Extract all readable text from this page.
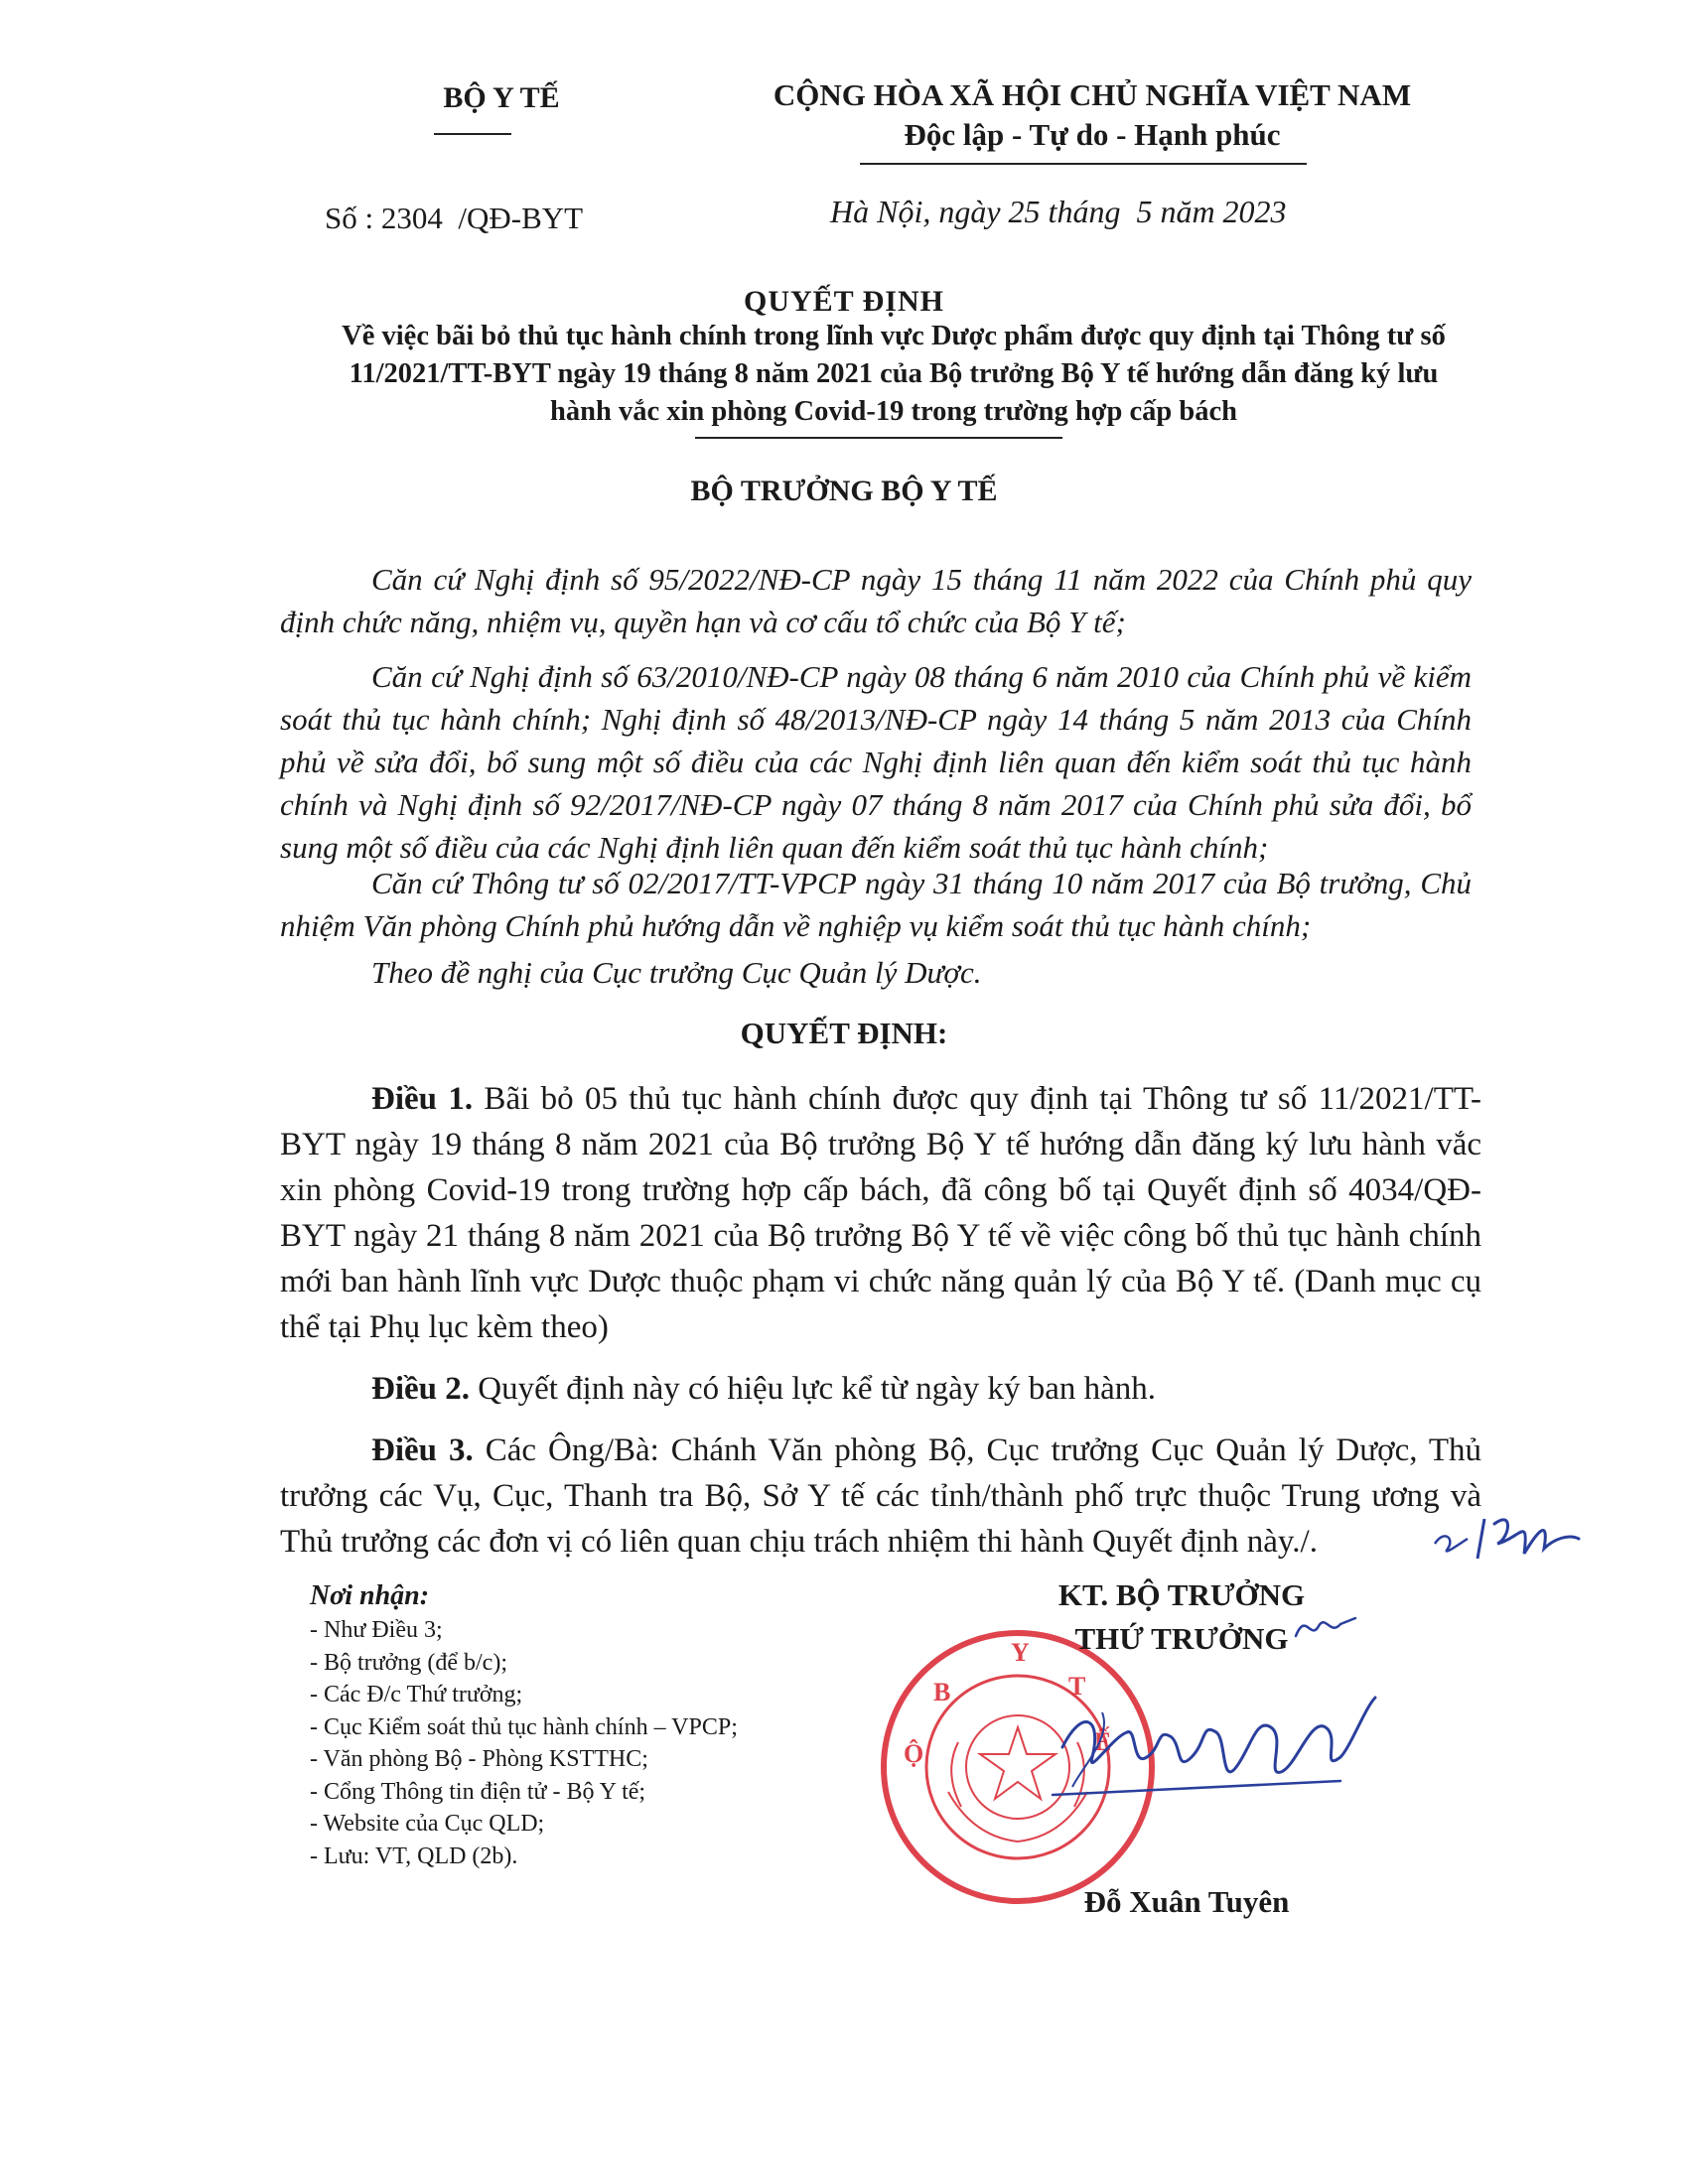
BỘ Y TẾ	CỘNG HÒA XÃ HỘI CHỦ NGHĨA VIỆT NAM
Độc lập - Tự do - Hạnh phúc
Số : 2304  /QĐ-BYT	Hà Nội, ngày 25 tháng  5 năm 2023
QUYẾT ĐỊNH
Về việc bãi bỏ thủ tục hành chính trong lĩnh vực Dược phẩm được quy định tại Thông tư số 11/2021/TT-BYT ngày 19 tháng 8 năm 2021 của Bộ trưởng Bộ Y tế hướng dẫn đăng ký lưu hành vắc xin phòng Covid-19 trong trường hợp cấp bách
BỘ TRƯỞNG BỘ Y TẾ
Căn cứ Nghị định số 95/2022/NĐ-CP ngày 15 tháng 11 năm 2022 của Chính phủ quy định chức năng, nhiệm vụ, quyền hạn và cơ cấu tổ chức của Bộ Y tế;
Căn cứ Nghị định số 63/2010/NĐ-CP ngày 08 tháng 6 năm 2010 của Chính phủ về kiểm soát thủ tục hành chính; Nghị định số 48/2013/NĐ-CP ngày 14 tháng 5 năm 2013 của Chính phủ về sửa đổi, bổ sung một số điều của các Nghị định liên quan đến kiểm soát thủ tục hành chính và Nghị định số 92/2017/NĐ-CP ngày 07 tháng 8 năm 2017 của Chính phủ sửa đổi, bổ sung một số điều của các Nghị định liên quan đến kiểm soát thủ tục hành chính;
Căn cứ Thông tư số 02/2017/TT-VPCP ngày 31 tháng 10 năm 2017 của Bộ trưởng, Chủ nhiệm Văn phòng Chính phủ hướng dẫn về nghiệp vụ kiểm soát thủ tục hành chính;
Theo đề nghị của Cục trưởng Cục Quản lý Dược.
QUYẾT ĐỊNH:
Điều 1. Bãi bỏ 05 thủ tục hành chính được quy định tại Thông tư số 11/2021/TT-BYT ngày 19 tháng 8 năm 2021 của Bộ trưởng Bộ Y tế hướng dẫn đăng ký lưu hành vắc xin phòng Covid-19 trong trường hợp cấp bách, đã công bố tại Quyết định số 4034/QĐ-BYT ngày 21 tháng 8 năm 2021 của Bộ trưởng Bộ Y tế về việc công bố thủ tục hành chính mới ban hành lĩnh vực Dược thuộc phạm vi chức năng quản lý của Bộ Y tế. (Danh mục cụ thể tại Phụ lục kèm theo)
Điều 2. Quyết định này có hiệu lực kể từ ngày ký ban hành.
Điều 3. Các Ông/Bà: Chánh Văn phòng Bộ, Cục trưởng Cục Quản lý Dược, Thủ trưởng các Vụ, Cục, Thanh tra Bộ, Sở Y tế các tỉnh/thành phố trực thuộc Trung ương và Thủ trưởng các đơn vị có liên quan chịu trách nhiệm thi hành Quyết định này./.
Nơi nhận:
- Như Điều 3;
- Bộ trưởng (để b/c);
- Các Đ/c Thứ trưởng;
- Cục Kiểm soát thủ tục hành chính – VPCP;
- Văn phòng Bộ - Phòng KSTTHC;
- Cổng Thông tin điện tử - Bộ Y tế;
- Website của Cục QLD;
- Lưu: VT, QLD (2b).
Y
T
Ế
Ộ
B
KT. BỘ TRƯỞNG
THỨ TRƯỞNG
Đỗ Xuân Tuyên
